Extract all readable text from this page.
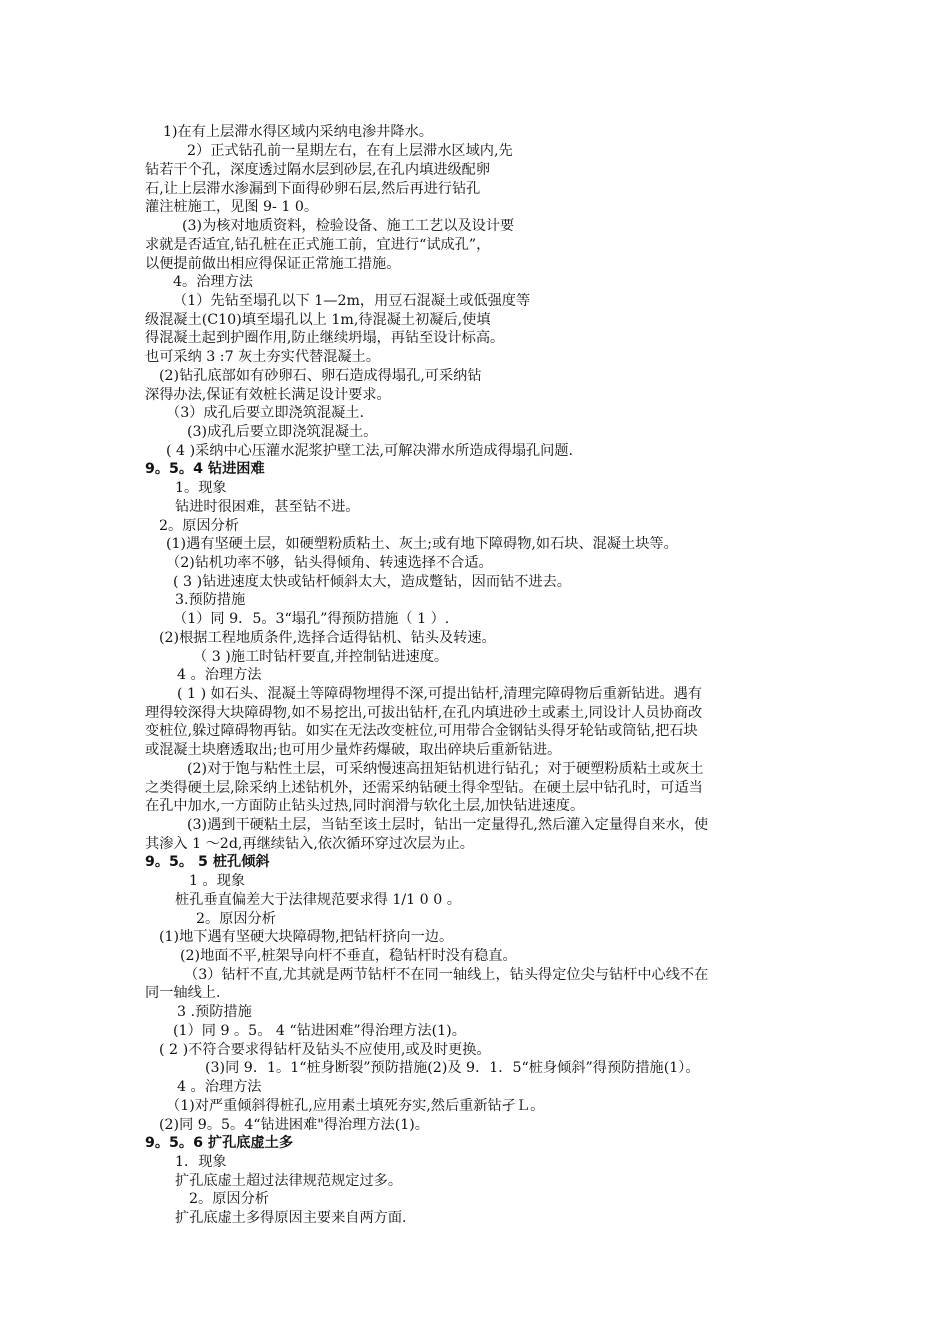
1)在有上层滞水得区域内采纳电渗井降水。
2）正式钻孔前一星期左右，在有上层滞水区域内,先
钻若干个孔，深度透过隔水层到砂层,在孔内填进级配卵
石,让上层滞水渗漏到下面得砂卵石层,然后再进行钻孔
灌注桩施工，见图 9- 1 0。
(3)为核对地质资料，检验设备、施工工艺以及设计要
求就是否适宜,钻孔桩在正式施工前，宜进行“试成孔”，
以便提前做出相应得保证正常施工措施。
4。治理方法
（1）先钻至塌孔以下 1—2m，用豆石混凝土或低强度等
级混凝土(C10)填至塌孔以上 1m,待混凝土初凝后,使填
得混凝土起到护圈作用,防止继续坍塌，再钻至设计标高。
也可采纳 3 :7 灰土夯实代替混凝土。
(2)钻孔底部如有砂卵石、卵石造成得塌孔,可采纳钻
深得办法,保证有效桩长满足设计要求。
（3）成孔后要立即浇筑混凝土.
(3)成孔后要立即浇筑混凝土。
( 4 )采纳中心压灌水泥浆护壁工法,可解决滞水所造成得塌孔问题.
9。5。4 钻进困难
1。现象
钻进时很困难，甚至钻不进。
2。原因分析
(1)遇有坚硬土层，如硬塑粉质粘土、灰土;或有地下障碍物,如石块、混凝土块等。
（2)钻机功率不够，钻头得倾角、转速选择不合适。
( 3 )钻进速度太快或钻杆倾斜太大，造成蹩钻，因而钻不进去。
3.预防措施
（1）同 9．5。3“塌孔”得预防措施（ 1 ）.
(2)根据工程地质条件,选择合适得钻机、钻头及转速。
（ 3 )施工时钻杆要直,并控制钻进速度。
4 。治理方法
( 1 ) 如石头、混凝土等障碍物埋得不深,可提出钻杆,清理完障碍物后重新钻进。遇有
理得较深得大块障碍物,如不易挖出,可拔出钻杆,在孔内填进砂土或素土,同设计人员协商改
变桩位,躲过障碍物再钻。如实在无法改变桩位,可用带合金钢钻头得牙轮钻或筒钻,把石块
或混凝土块磨透取出;也可用少量炸药爆破，取出碎块后重新钻进。
(2)对于饱与粘性土层，可采纳慢速高扭矩钻机进行钻孔；对于硬塑粉质粘土或灰土
之类得硬土层,除采纳上述钻机外，还需采纳钻硬土得伞型钻。在硬土层中钻孔时，可适当
在孔中加水,一方面防止钻头过热,同时润滑与软化土层,加快钻进速度。
(3)遇到干硬粘土层，当钻至该土层时，钻出一定量得孔,然后灌入定量得自来水，使
其渗入 1 ～2d,再继续钻入,依次循环穿过次层为止。
9。5。 5 桩孔倾斜
1 。现象
桩孔垂直偏差大于法律规范要求得 1/1 0 0 。
2。原因分析
(1)地下遇有坚硬大块障碍物,把钻杆挤向一边。
(2)地面不平,桩架导向杆不垂直，稳钻杆时没有稳直。
（3）钻杆不直,尤其就是两节钻杆不在同一轴线上，钻头得定位尖与钻杆中心线不在
同一轴线上.
3 .预防措施
(1）同 9 。5。 4 “钻进困难”得治理方法(1)。
( 2 )不符合要求得钻杆及钻头不应使用,或及时更换。
(3)同 9．1。1“桩身断裂”预防措施(2)及 9．1．5“桩身倾斜”得预防措施(1）。
4 。治理方法
（1)对严重倾斜得桩孔,应用素土填死夯实,然后重新钻孑Ｌ。
(2)同 9。5。4“钻进困难"得治理方法(1)。
9。5。6 扩孔底虚土多
1．现象
扩孔底虚土超过法律规范规定过多。
2。原因分析
扩孔底虚土多得原因主要来自两方面.
